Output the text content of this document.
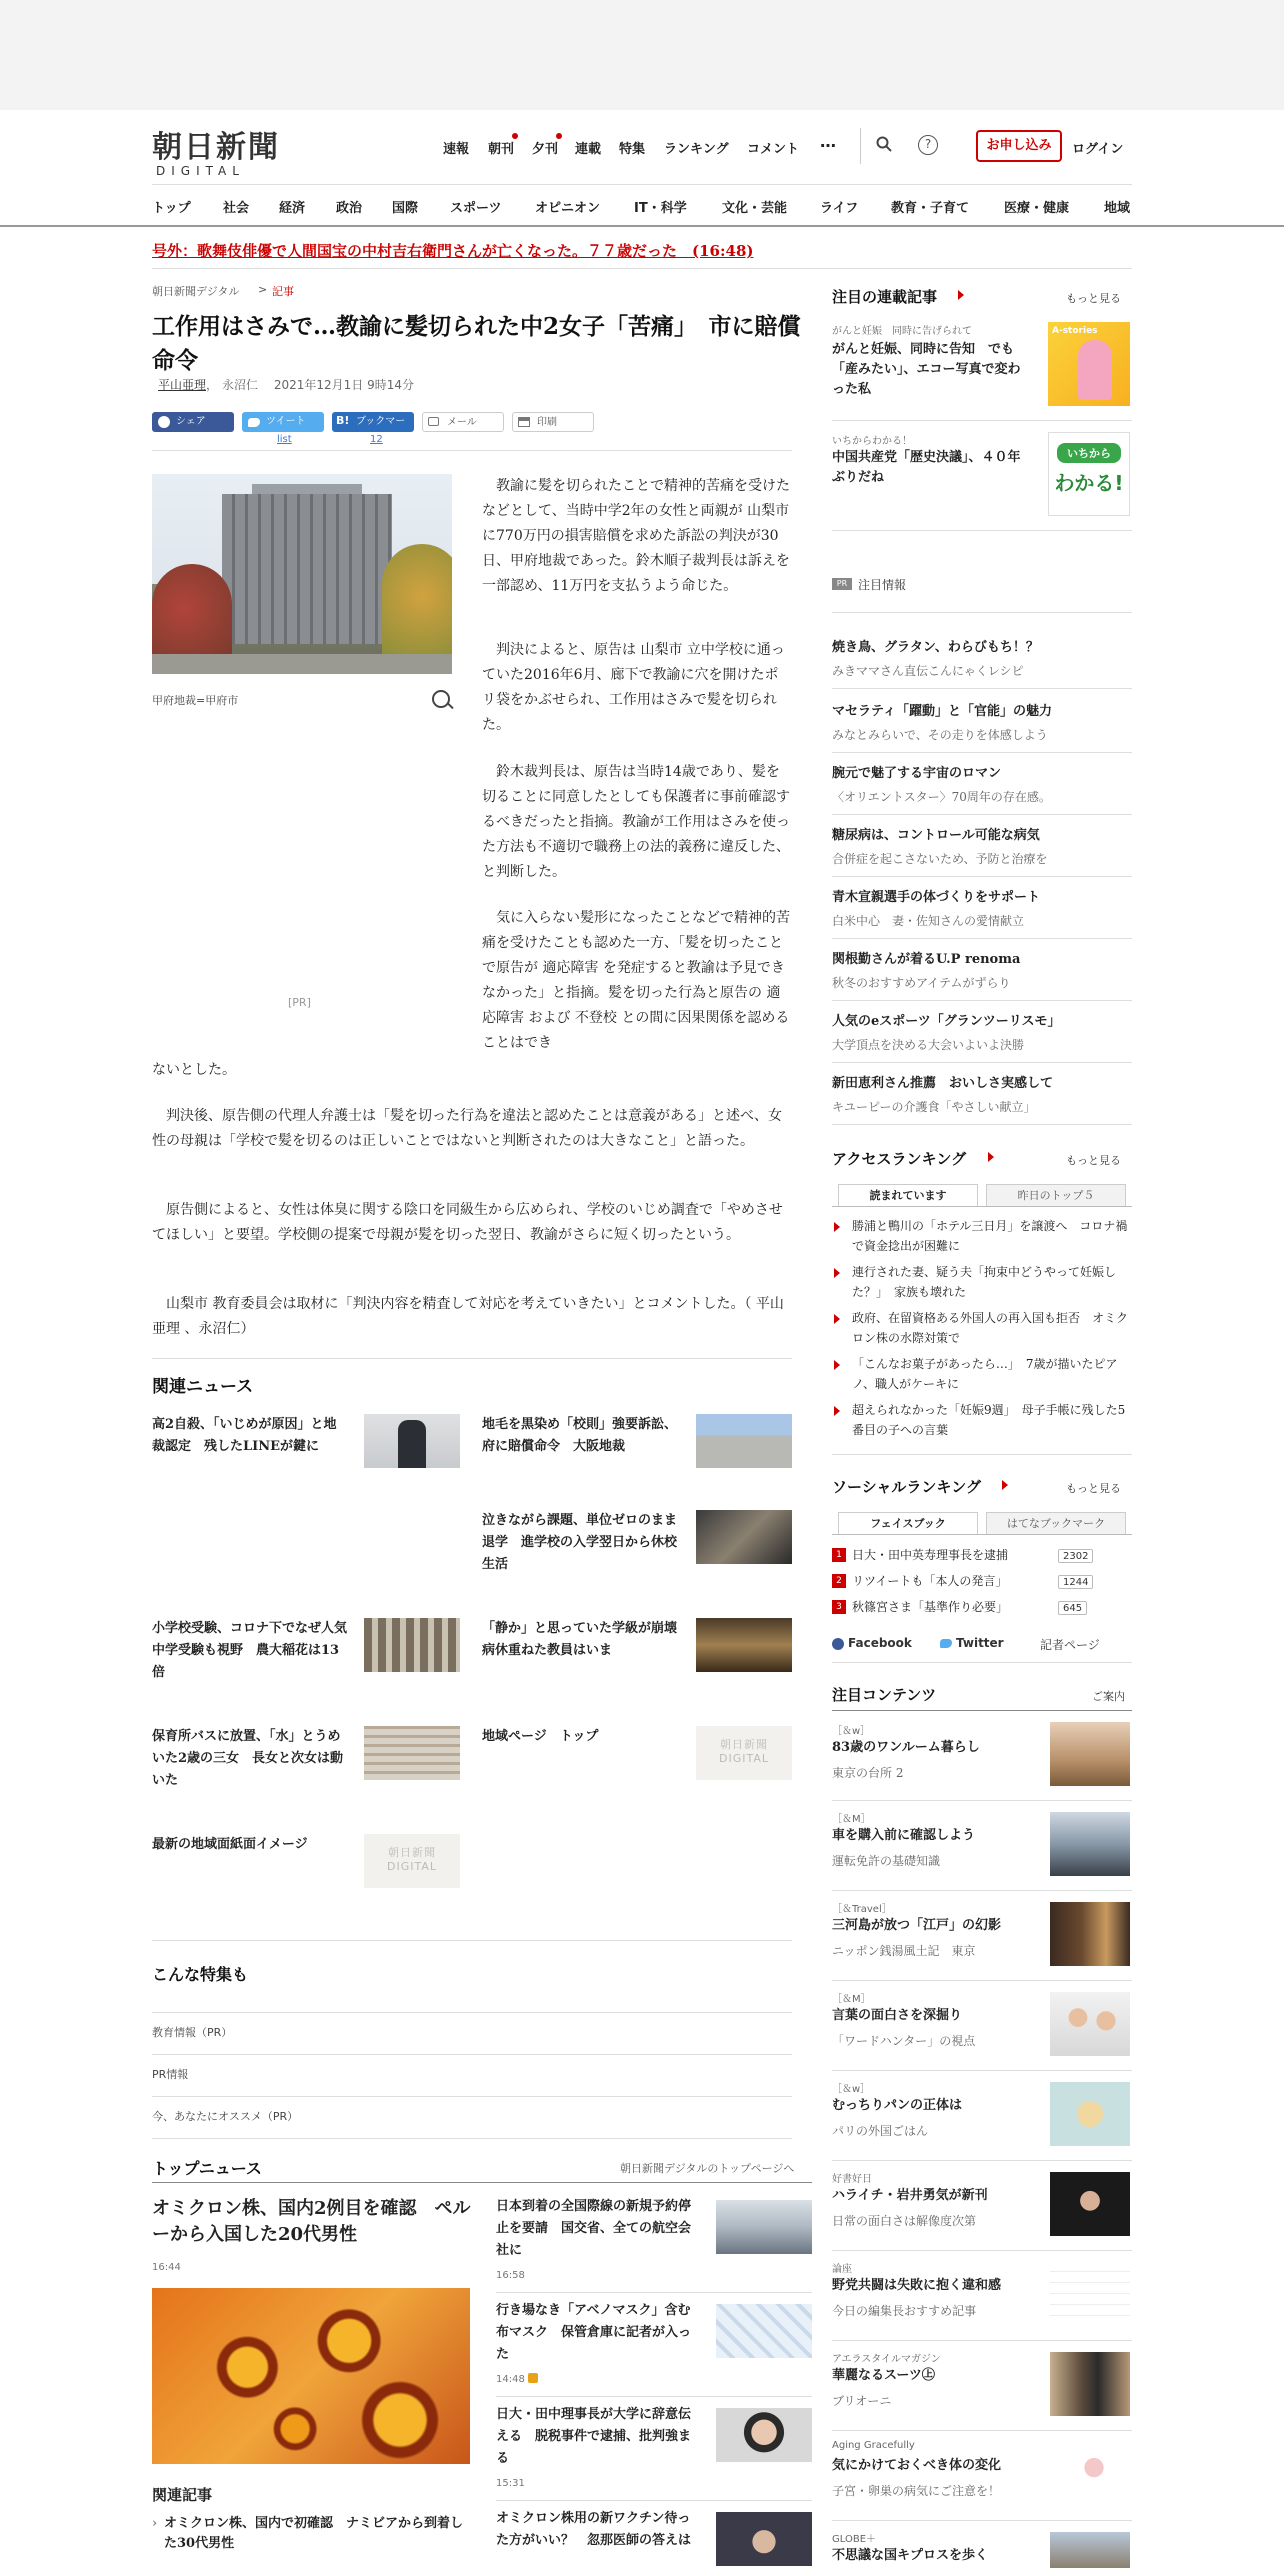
朝日新聞
DIGITAL
速報 朝刊 夕刊 連載 特集 ランキング コメント …	?	お申し込み	ログイン
トップ 社会 経済 政治 国際 スポーツ	オピニオン	IT・科学	文化・芸能	ライフ	教育・子育て	医療・健康	地域
号外：歌舞伎俳優で人間国宝の中村吉右衛門さんが亡くなった。７７歳だった　(16:48)
朝日新聞デジタル > 記事
工作用はさみで…教諭に髪切られた中2女子「苦痛」　市に賠償命令
平山亜理， 永沼仁 2021年12月1日 9時14分
シェア	ツイート	ブックマーク
B!	メール	印刷
list	12
甲府地裁=甲府市
[PR]

教諭に髪を切られたことで精神的苦痛を受けたなどとして、当時中学2年の女性と両親が 山梨市 に770万円の損害賠償を求めた訴訟の判決が30日、甲府地裁であった。鈴木順子裁判長は訴えを一部認め、11万円を支払うよう命じた。

判決によると、原告は 山梨市 立中学校に通っていた2016年6月、廊下で教諭に穴を開けたポリ袋をかぶせられ、工作用はさみで髪を切られた。

鈴木裁判長は、原告は当時14歳であり、髪を切ることに同意したとしても保護者に事前確認するべきだったと指摘。教諭が工作用はさみを使った方法も不適切で職務上の法的義務に違反した、と判断した。

気に入らない髪形になったことなどで精神的苦痛を受けたことも認めた一方、「髪を切ったことで原告が 適応障害 を発症すると教諭は予見できなかった」と指摘。髪を切った行為と原告の 適応障害 および 不登校 との間に因果関係を認めることはでき

ないとした。

判決後、原告側の代理人弁護士は「髪を切った行為を違法と認めたことは意義がある」と述べ、女性の母親は「学校で髪を切るのは正しいことではないと判断されたのは大きなこと」と語った。

原告側によると、女性は体臭に関する陰口を同級生から広められ、学校のいじめ調査で「やめさせてほしい」と要望。学校側の提案で母親が髪を切った翌日、教諭がさらに短く切ったという。

山梨市 教育委員会は取材に「判決内容を精査して対応を考えていきたい」とコメントした。（ 平山亜理 、永沼仁）

関連ニュース
高2自殺、「いじめが原因」と地裁認定　残したLINEが鍵に
地毛を黒染め「校則」強要訴訟、府に賠償命令　大阪地裁
泣きながら課題、単位ゼロのまま退学　進学校の入学翌日から休校生活
小学校受験、コロナ下でなぜ人気　中学受験も視野　農大稲花は13倍
「静か」と思っていた学級が崩壊　病休重ねた教員はいま
保育所バスに放置、「水」とうめいた2歳の三女　長女と次女は動いた
地域ページ　トップ
朝日新聞 DIGITAL
最新の地域面紙面イメージ
朝日新聞 DIGITAL
こんな特集も
教育情報（PR）
PR情報
今、あなたにオススメ（PR）
トップニュース	朝日新聞デジタルのトップページへ
オミクロン株、国内2例目を確認　ペルーから入国した20代男性
16:44
関連記事
› オミクロン株、国内で初確認　ナミビアから到着した30代男性
日本到着の全国際線の新規予約停止を要請　国交省、全ての航空会社に
16:58
行き場なき「アベノマスク」含む布マスク　保管倉庫に記者が入った
14:48
日大・田中理事長が大学に辞意伝える　脱税事件で逮捕、批判強まる
15:31
オミクロン株用の新ワクチン待った方がいい？　忽那医師の答えは
注目の連載記事	もっと見る
がんと妊娠　同時に告げられて
がんと妊娠、同時に告知　でも「産みたい」、エコー写真で変わった私
A-stories
いちからわかる！
中国共産党「歴史決議」、４０年ぶりだね
いちから
わかる!
PR 注目情報
焼き鳥、グラタン、わらびもち！？
みきママさん直伝こんにゃくレシピ
マセラティ「躍動」と「官能」の魅力
みなとみらいで、その走りを体感しよう
腕元で魅了する宇宙のロマン
〈オリエントスター〉70周年の存在感。
糖尿病は、コントロール可能な病気
合併症を起こさないため、予防と治療を
青木宣親選手の体づくりをサポート
白米中心　妻・佐知さんの愛情献立
関根勤さんが着るU.P renoma
秋冬のおすすめアイテムがずらり
人気のeスポーツ「グランツーリスモ」
大学頂点を決める大会いよいよ決勝
新田恵利さん推薦　おいしさ実感して
キユーピーの介護食「やさしい献立」
アクセスランキング	もっと見る
読まれています	昨日のトップ５
勝浦と鴨川の「ホテル三日月」を譲渡へ　コロナ禍で資金捻出が困難に
連行された妻、疑う夫「拘束中どうやって妊娠した？」　家族も壊れた
政府、在留資格ある外国人の再入国も拒否　オミクロン株の水際対策で
「こんなお菓子があったら…」　7歳が描いたピアノ、職人がケーキに
超えられなかった「妊娠9週」　母子手帳に残した5番目の子への言葉
ソーシャルランキング	もっと見る
フェイスブック	はてなブックマーク
1 日大・田中英寿理事長を逮捕	2302
2 リツイートも「本人の発言」	1244
3 秋篠宮さま「基準作り必要」	645
Facebook	Twitter	記者ページ
注目コンテンツ	ご案内
［＆w］
83歳のワンルーム暮らし
東京の台所 2
［＆M］
車を購入前に確認しよう
運転免許の基礎知識
［＆Travel］
三河島が放つ「江戸」の幻影
ニッポン銭湯風土記　東京
［＆M］
言葉の面白さを深掘り
「ワードハンター」の視点
［＆w］
むっちりパンの正体は
パリの外国ごはん
好書好日
ハライチ・岩井勇気が新刊
日常の面白さは解像度次第
論座
野党共闘は失敗に抱く違和感
今日の編集長おすすめ記事
アエラスタイルマガジン
華麗なるスーツ㊤
ブリオーニ
Aging Gracefully
気にかけておくべき体の変化
子宮・卵巣の病気にご注意を！
GLOBE＋
不思議な国キプロスを歩く
